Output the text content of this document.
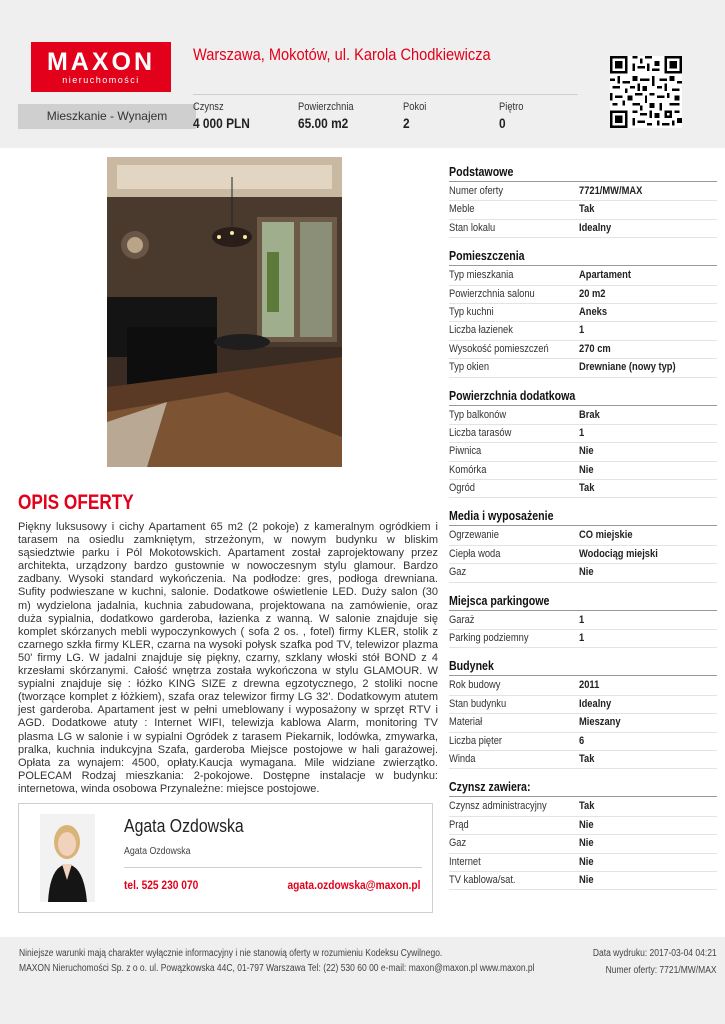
MAXON
nieruchomości
Warszawa, Mokotów, ul. Karola Chodkiewicza
Mieszkanie - Wynajem
Czynsz
4 000 PLN
Powierzchnia
65.00 m2
Pokoi
2
Piętro
0
OPIS OFERTY
Piękny luksusowy i cichy Apartament 65 m2 (2 pokoje) z kameralnym ogródkiem i tarasem na osiedlu zamkniętym, strzeżonym, w nowym budynku w bliskim sąsiedztwie parku i Pól Mokotowskich. Apartament został zaprojektowany przez architekta, urządzony bardzo gustownie w nowoczesnym stylu glamour. Bardzo zadbany. Wysoki standard wykończenia. Na podłodze: gres, podłoga drewniana. Sufity podwieszane w kuchni, salonie. Dodatkowe oświetlenie LED. Duży salon (30 m) wydzielona jadalnia, kuchnia zabudowana, projektowana na zamówienie, oraz duża sypialnia, dodatkowo garderoba, łazienka z wanną. W salonie znajduje się komplet skórzanych mebli wypoczynkowych ( sofa 2 os. , fotel) firmy KLER, stolik z czarnego szkła firmy KLER, czarna na wysoki połysk szafka pod TV, telewizor plazma 50' firmy LG. W jadalni znajduje się piękny, czarny, szklany włoski stół BOND z 4 krzesłami skórzanymi. Całość wnętrza została wykończona w stylu GLAMOUR. W sypialni znajduje się : łóżko KING SIZE z drewna egzotycznego, 2 stoliki nocne (tworzące komplet z łóżkiem), szafa oraz telewizor firmy LG 32'. Dodatkowym atutem jest garderoba. Apartament jest w pełni umeblowany i wyposażony w sprzęt RTV i AGD. Dodatkowe atuty : Internet WIFI, telewizja kablowa Alarm, monitoring TV plasma LG w salonie i w sypialni Ogródek z tarasem Piekarnik, lodówka, zmywarka, pralka, kuchnia indukcyjna Szafa, garderoba Miejsce postojowe w hali garażowej. Opłata za wynajem: 4500, opłaty.Kaucja wymagana. Mile widziane zwierzątko. POLECAM Rodzaj mieszkania: 2-pokojowe. Dostępne instalacje w budynku: internetowa, winda osobowa Przynależne: miejsce postojowe.
Agata Ozdowska
Agata Ozdowska
tel. 525 230 070	agata.ozdowska@maxon.pl
Podstawowe
Numer oferty	7721/MW/MAX
Meble	Tak
Stan lokalu	Idealny
Pomieszczenia
Typ mieszkania	Apartament
Powierzchnia salonu	20 m2
Typ kuchni	Aneks
Liczba łazienek	1
Wysokość pomieszczeń	270 cm
Typ okien	Drewniane (nowy typ)
Powierzchnia dodatkowa
Typ balkonów	Brak
Liczba tarasów	1
Piwnica	Nie
Komórka	Nie
Ogród	Tak
Media i wyposażenie
Ogrzewanie	CO miejskie
Ciepła woda	Wodociąg miejski
Gaz	Nie
Miejsca parkingowe
Garaż	1
Parking podziemny	1
Budynek
Rok budowy	2011
Stan budynku	Idealny
Materiał	Mieszany
Liczba pięter	6
Winda	Tak
Czynsz zawiera:
Czynsz administracyjny	Tak
Prąd	Nie
Gaz	Nie
Internet	Nie
TV kablowa/sat.	Nie
Niniejsze warunki mają charakter wyłącznie informacyjny i nie stanowią oferty w rozumieniu Kodeksu Cywilnego.
MAXON Nieruchomości Sp. z o o. ul. Powązkowska 44C, 01-797 Warszawa Tel: (22) 530 60 00 e-mail: maxon@maxon.pl www.maxon.pl
Data wydruku: 2017-03-04 04:21
Numer oferty: 7721/MW/MAX
